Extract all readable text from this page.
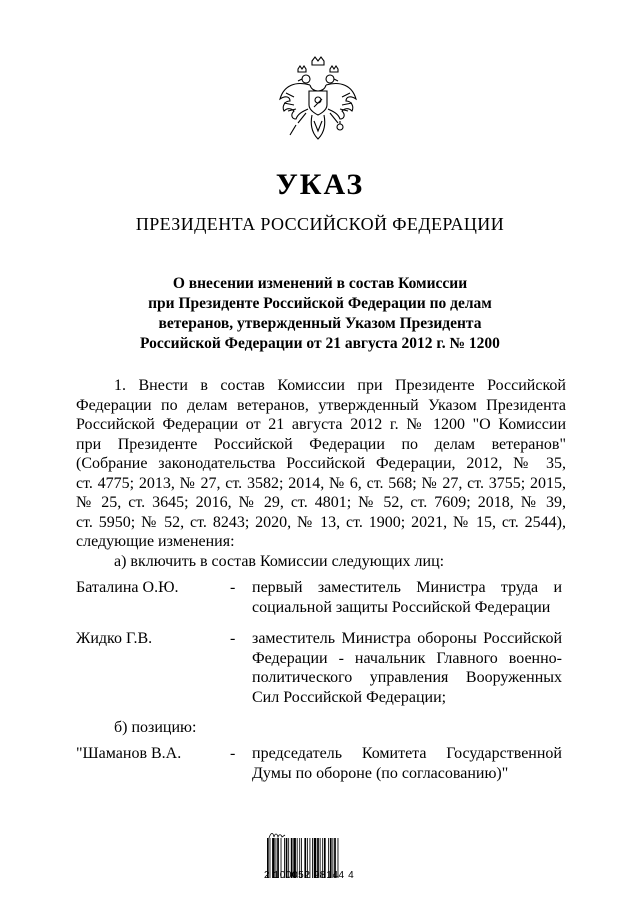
УКАЗ
ПРЕЗИДЕНТА РОССИЙСКОЙ ФЕДЕРАЦИИ
О внесении изменений в состав Комиссии
при Президенте Российской Федерации по делам
ветеранов, утвержденный Указом Президента
Российской Федерации от 21 августа 2012 г. № 1200
1. Внести в состав Комиссии при Президенте Российской
Федерации по делам ветеранов, утвержденный Указом Президента
Российской Федерации от 21 августа 2012 г. № 1200 "О Комиссии
при Президенте Российской Федерации по делам ветеранов"
(Собрание законодательства Российской Федерации, 2012, № 35,
ст. 4775; 2013, № 27, ст. 3582; 2014, № 6, ст. 568; № 27, ст. 3755; 2015,
№ 25, ст. 3645; 2016, № 29, ст. 4801; № 52, ст. 7609; 2018, № 39,
ст. 5950; № 52, ст. 8243; 2020, № 13, ст. 1900; 2021, № 15, ст. 2544),
следующие изменения:
а) включить в состав Комиссии следующих лиц:
Баталина О.Ю.	- первый заместитель Министра труда и
социальной защиты Российской Федерации
Жидко Г.В.	- заместитель Министра обороны Российской
Федерации - начальник Главного военно-
политического управления Вооруженных
Сил Российской Федерации;
б) позицию:
"Шаманов В.А.	- председатель Комитета Государственной
Думы по обороне (по согласованию)"
2 100052 98144 4
